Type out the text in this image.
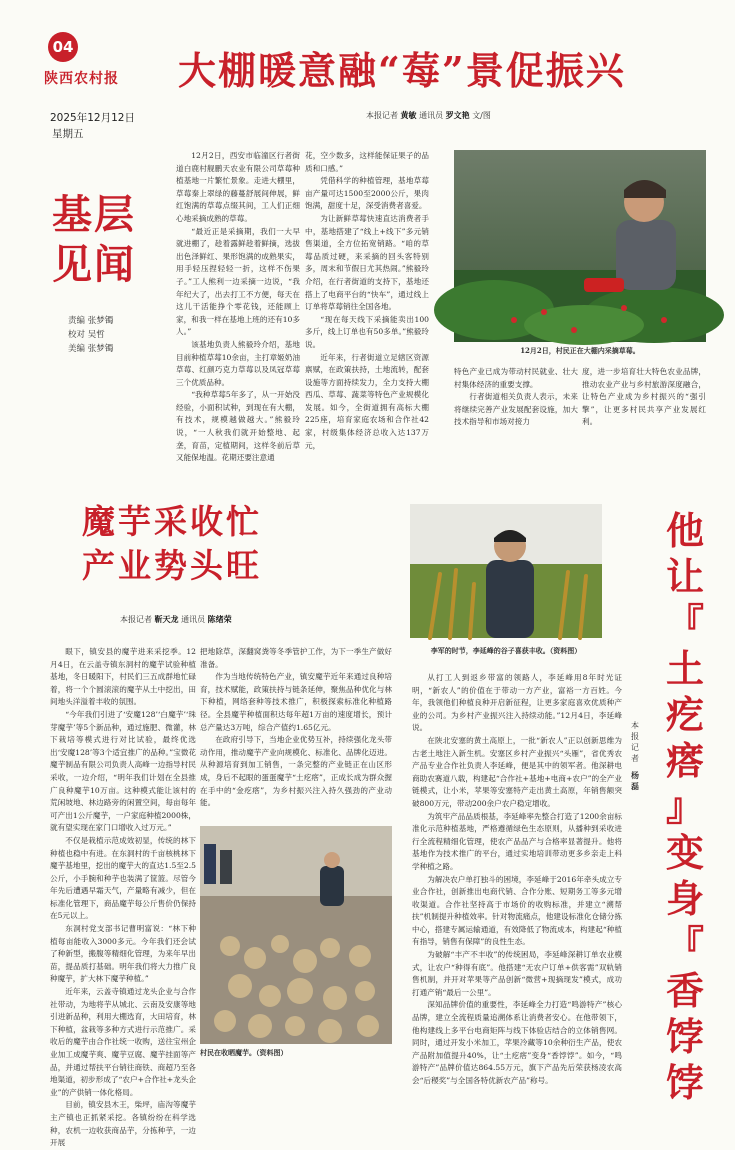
04
陕西农村报 大棚暖意融“莓”景促振兴
2025年12月12日
星期五
本报记者 黄敏 通讯员 罗文艳 文/图
基层
见闻
责编 张梦镯
校对 吴哲
美编 张梦镯

12月2日，西安市临潼区行者街道白鹿村舰鹏天农业有限公司草莓种植基地一片繁忙景象。走进大棚里，草莓秦上翠绿的藤蔓舒展间伸展，鲜红饱满的草莓点缀其间，工人们正细心地采摘成熟的草莓。

“最近正是采摘期，我们一大早就进棚了，趁着露鲜趁着鲜摘，选拔出色泽鲜红、果形饱满的成熟果实，用手轻压捏轻轻一折，这样不伤果子。”工人熊利一边采摘一边说，“我年纪大了，出去打工不方便，每天在这儿干活能挣个零花钱，还能顾上家，和我一样在基地上班的还有10多人。”

该基地负责人熊毅玲介绍，基地目前种植草莓10余亩，主打章姬奶油草莓、红颜巧克力草莓以及凤冠草莓三个优质品种。

“我种草莓5年多了，从一开始没经验，小面积试种，到现在有大棚，有技术，规模越做越大。”熊毅玲说，“一人秋我们就开始整地、起垄，育苗，定植期间，这样冬前后草又能保地温。花期还要注意通

花，空少数多，这样能保证果子的品质和口感。”

凭借科学的种植管理，基地草莓亩产量可达1500至2000公斤，果肉饱满，甜度十足，深受消费者喜爱。

为让新鲜草莓快速直达消费者手中，基地搭建了“线上+线下”多元销售渠道，全方位拓宽销路。“咱的草莓品质过硬，来采摘的回头客特别多，周末和节假日尤其热闹。”熊毅玲介绍，在行者街道的支持下，基地还搭上了电商平台的“快车”，通过线上订单将草莓销往全国各地。

“现在每天线下采摘能卖出100多斤，线上订单也有50多单。”熊毅玲说。

近年来，行者街道立足辖区资源禀赋，在政策扶持，土地流转，配套设施等方面持续发力，全力支持大棚西瓜、草莓、蔬菜等特色产业规模化发展。如今，全街道拥有高标大棚225座，培育家庭农场和合作社42家，村级集体经济总收入达137万元，

12月2日，村民正在大棚内采摘草莓。

特色产业已成为带动村民就业、壮大村集体经济的重要支撑。

行者街道相关负责人表示，未来将继续完善产业发展配套设施，加大技术指导和市场对接力

度，进一步培育壮大特色农业品牌，推动农业产业与乡村旅游深度融合，让特色产业成为乡村振兴的“强引擎”，让更多村民共享产业发展红利。

魔芋采收忙
产业势头旺
本报记者 靳天龙 通讯员 陈绪荣

眼下，镇安县的魔芋进来采挖季。12月4日，在云盖寺镇东洞村的魔芋试验种植基地，冬日暖阳下，村民们三五成群地忙碌着，将一个个圆滚滚的魔芋从土中挖出，田间地头洋溢着丰收的氛围。

“今年我们引进了‘安魔128’‘白魔芋’‘珠芽魔芋’等5个新品种，通过施肥、微灌，林下栽培等模式进行对比试验，最终优选出‘安魔128’等3个适宜推广的品种。”宝微花魔芋制品有限公司负责人高峰一边指导村民采收，一边介绍，“明年我们计划在全县推广良种魔芋10万亩。这种模式能让该村的荒闲坡地、林边路旁的闲置空间，每亩每年可产出1公斤魔芋，一户家庭种植2000株，就有望实现在家门口增收入过万元。”

不仅是栽植示范成效初显，传统的林下种植也稳中有进。在东洞村的千亩核桃林下魔芋基地里，挖出的魔芋大的直达1.5至2.5公斤，小手腕和种芋也装满了筐篮。尽管今年先后遭遇早霜天气，产量略有减少，但在标准化管理下，商品魔芋每公斤售价仍保持在5元以上。

东洞村党支部书记曹明富说：“林下种植每亩能收入3000多元。今年我们还会试了种新型，搬腹等精细化管理，为来年早出苗，提品质打基础。明年我们将大力推广良种魔芋，扩大林下魔芋种植。”

近年来，云盖寺镇通过龙头企业与合作社带动，为地将芋从城北、云南及安康等地引进新品种，利用大棚选育，大田培育，林下种植，盆栽等多种方式进行示范推广。采收后的魔芋由合作社统一收购，送往宝州企业加工成魔芋爽、魔芋豆腐、魔芋挂面等产品，并通过帮扶平台销往商铁、商超乃至各地渠道，初步形成了“农户+合作社+龙头企业”的产供销一体化格局。

目前，镇安县木王，柴坪，庙沟等魔芋主产镇也正抓紧采挖。各镇纷纷在科学选种，农机一边收获商品芋，分拣种芋，一边开展

把地除草，深翻窝粪等冬季管护工作，为下一季生产做好准备。

作为当地传统特色产业，镇安魔芋近年来通过良种培育，技术赋能，政策扶持与链条延伸，聚焦品种优化与林下种植，网络套种等技术推广，积极探索标准化种植路径。全县魔芋种植面积达每年超1万亩的速度增长，预计总产量达3万吨，综合产值约1.65亿元。

在政府引导下，当地企业优势互补，持续强化龙头带动作用，推动魔芋产业向规模化、标准化、品牌化迈进。从种源培育到加工销售，一条完整的产业链正在山区形成，身后不起眼的蛋蛋魔芋“土疙瘩”，正成长成为群众握在手中的“金疙瘩”，为乡村振兴注入持久强劲的产业动能。

村民在收晒魔芋。（资料图）
李军的时节，李延峰的谷子喜获丰收。（资料图）
他
让
『
土
疙
瘩
』
变
身
『
香
饽
饽
本报记者
杨磊

从打工人到返乡带富的领路人，李延峰用8年时光证明，“新农人”的价值在于带动一方产业，富裕一方百姓。今年，我领他们种植良种开启新征程，让更多家庭喜欢优质种产业的公司。为乡村产业振兴注入持续动能。”12月4日，李延峰说。

在陕北安塞的黄土高原上，一批“新农人”正以创新思维为古老土地注入新生机。安塞区乡村产业振兴“头雁”，省优秀农产品专业合作社负责人李延峰，便是其中的领军者。他深耕电商助农赛道八载，构建起“合作社+基地+电商+农户”的全产业链模式，让小米，苹果等安塞特产走出黄土高原，年销售额突破800万元，带动200余户农户稳定增收。

为筑牢产品品质根基，李延峰率先整合打造了1200余亩标准化示范种植基地，严格遵循绿色生态原则，从播种到采收进行全流程精细化管理，使农产品品产与合格率显著提升。他将基地作为技术推广的平台，通过实地培训带动更多乡亲走上科学种植之路。

为解决农户单打独斗的困境，李延峰于2016年牵头成立专业合作社，创新推出电商代销、合作分账、短期务工等多元增收渠道。合作社坚持高于市场价的收购标准，并建立“溯帮扶”机制提升种植效率。针对物流痛点，他建设标准化仓储分拣中心，搭建专属运输通道，有效降低了物流成本，构建起“种植有指导，销售有保障”的良性生态。

为破解“丰产不丰收”的传统困局，李延峰深耕订单农业模式，让农户“种得有底”。他搭建“无农户订单+供客需”双轨销售机制，并开对苹果等产品创新“微营+现摘现发”模式，成功打通产销“最后一公里”。

深知品牌价值的重要性，李延峰全力打造“鸣游特产”核心品牌，建立全流程质量追溯体系让消费者安心。在他带领下，他构建线上多平台电商矩阵与线下体验店结合的立体销售网。同时，通过开发小米加工，苹果冷藏等10余种衍生产品，使农产品附加值提升40%，让“土疙瘩”变身“香饽饽”。如今，“鸣游特产”品牌价值达864.55万元，旗下产品先后荣获杨凌农高会“后稷奖”与全国各特优新农产品”称号。
